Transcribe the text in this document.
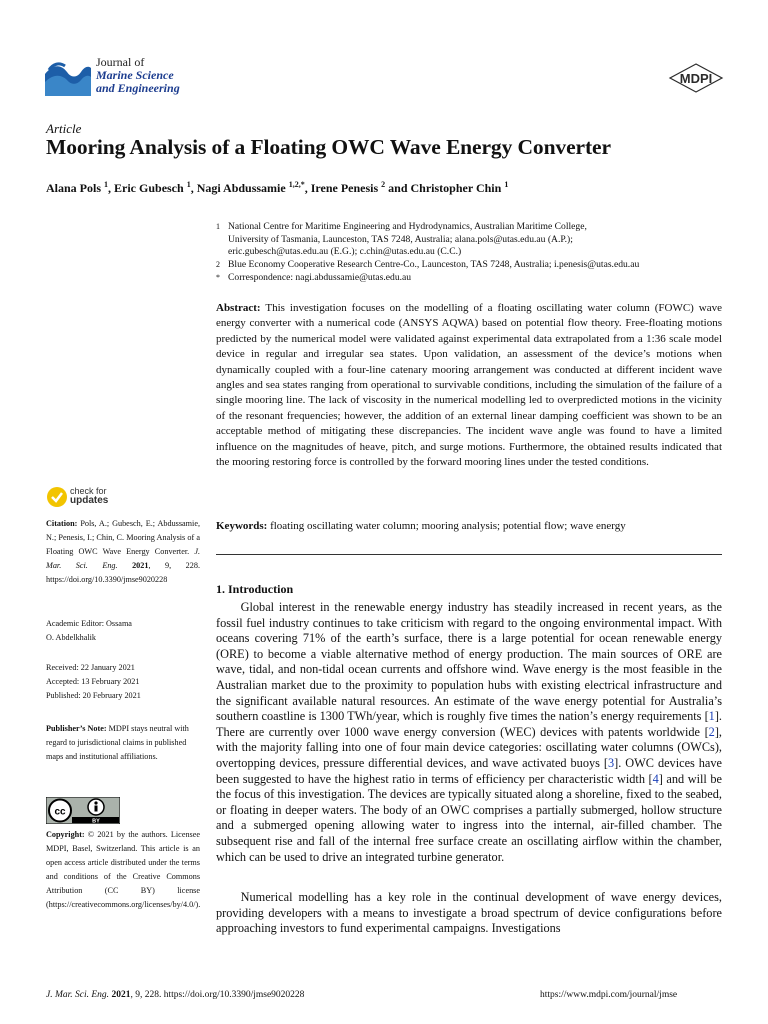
Journal of
Marine Science
and Engineering
MDPI
Article
Mooring Analysis of a Floating OWC Wave Energy Converter
Alana Pols $^1$, Eric Gubesch $^1$, Nagi Abdussamie $^{1,2,*}$, Irene Penesis $^2$ and Christopher Chin $^1$
1 National Centre for Maritime Engineering and Hydrodynamics, Australian Maritime College,
University of Tasmania, Launceston, TAS 7248, Australia; alana.pols@utas.edu.au (A.P.);
eric.gubesch@utas.edu.au (E.G.); c.chin@utas.edu.au (C.C.)
2 Blue Economy Cooperative Research Centre-Co., Launceston, TAS 7248, Australia; i.penesis@utas.edu.au
* Correspondence: nagi.abdussamie@utas.edu.au
Abstract: This investigation focuses on the modelling of a floating oscillating water column (FOWC) wave energy converter with a numerical code (ANSYS AQWA) based on potential flow theory. Free-floating motions predicted by the numerical model were validated against experimental data extrapolated from a 1:36 scale model device in regular and irregular sea states. Upon validation, an assessment of the device’s motions when dynamically coupled with a four-line catenary mooring arrangement was conducted at different incident wave angles and sea states ranging from operational to survivable conditions, including the simulation of the failure of a single mooring line. The lack of viscosity in the numerical modelling led to overpredicted motions in the vicinity of the resonant frequencies; however, the addition of an external linear damping coefficient was shown to be an acceptable method of mitigating these discrepancies. The incident wave angle was found to have a limited influence on the magnitudes of heave, pitch, and surge motions. Furthermore, the obtained results indicated that the mooring restoring force is controlled by the forward mooring lines under the tested conditions.
Keywords: floating oscillating water column; mooring analysis; potential flow; wave energy
check for
updates
Citation: Pols, A.; Gubesch, E.; Abdussamie, N.; Penesis, I.; Chin, C. Mooring Analysis of a Floating OWC Wave Energy Converter. J. Mar. Sci. Eng. 2021, 9, 228. https://doi.org/10.3390/jmse9020228
Academic Editor: Ossama
O. Abdelkhalik
Received: 22 January 2021
Accepted: 13 February 2021
Published: 20 February 2021
Publisher’s Note: MDPI stays neutral with regard to jurisdictional claims in published maps and institutional affiliations.
cc
BY
Copyright: © 2021 by the authors. Licensee MDPI, Basel, Switzerland. This article is an open access article distributed under the terms and conditions of the Creative Commons Attribution (CC BY) license (https://creativecommons.org/licenses/by/4.0/).
1. Introduction
  Global interest in the renewable energy industry has steadily increased in recent years, as the fossil fuel industry continues to take criticism with regard to the ongoing environmental impact. With oceans covering 71% of the earth’s surface, there is a large potential for ocean renewable energy (ORE) to become a viable alternative method of energy production. The main sources of ORE are wave, tidal, and non-tidal ocean currents and offshore wind. Wave energy is the most feasible in the Australian market due to the proximity to population hubs with existing electrical infrastructure and the significant available natural resources. An estimate of the wave energy potential for Australia’s southern coastline is 1300 TWh/year, which is roughly five times the nation’s energy requirements [1]. There are currently over 1000 wave energy conversion (WEC) devices with patents worldwide [2], with the majority falling into one of four main device categories: oscillating water columns (OWCs), overtopping devices, pressure differential devices, and wave activated buoys [3]. OWC devices have been suggested to have the highest ratio in terms of efficiency per characteristic width [4] and will be the focus of this investigation. The devices are typically situated along a shoreline, fixed to the seabed, or floating in deeper waters. The body of an OWC comprises a partially submerged, hollow structure and a submerged opening allowing water to ingress into the internal, air-filled chamber. The subsequent rise and fall of the internal free surface create an oscillating airflow within the chamber, which can be used to drive an integrated turbine generator.
  Numerical modelling has a key role in the continual development of wave energy devices, providing developers with a means to investigate a broad spectrum of device configurations before approaching investors to fund experimental campaigns. Investigations
J. Mar. Sci. Eng. 2021, 9, 228. https://doi.org/10.3390/jmse9020228	https://www.mdpi.com/journal/jmse
